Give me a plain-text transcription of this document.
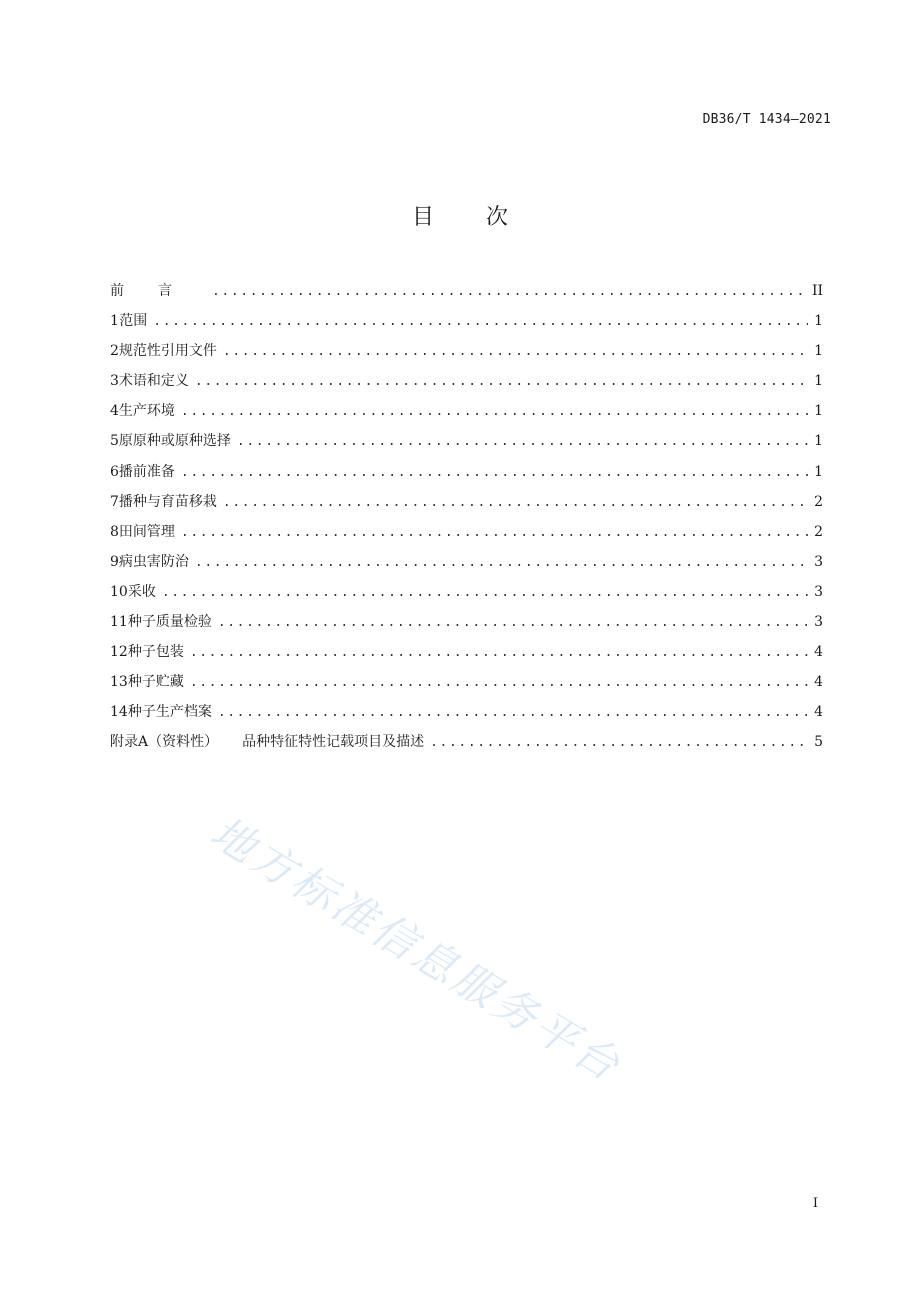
DB36/T 1434—2021
目次
前言 .....	II
1 范围 .....	1
2 规范性引用文件 .....	1
3 术语和定义 .....	1
4 生产环境 .....	1
5 原原种或原种选择 .....	1
6 播前准备 .....	1
7 播种与育苗移栽 .....	2
8 田间管理 .....	2
9 病虫害防治 .....	3
10 采收 .....	3
11 种子质量检验 .....	3
12 种子包装 .....	4
13 种子贮藏 .....	4
14 种子生产档案 .....	4
附录A（资料性） 品种特征特性记载项目及描述 .....	5
地方标准信息服务平台
I
